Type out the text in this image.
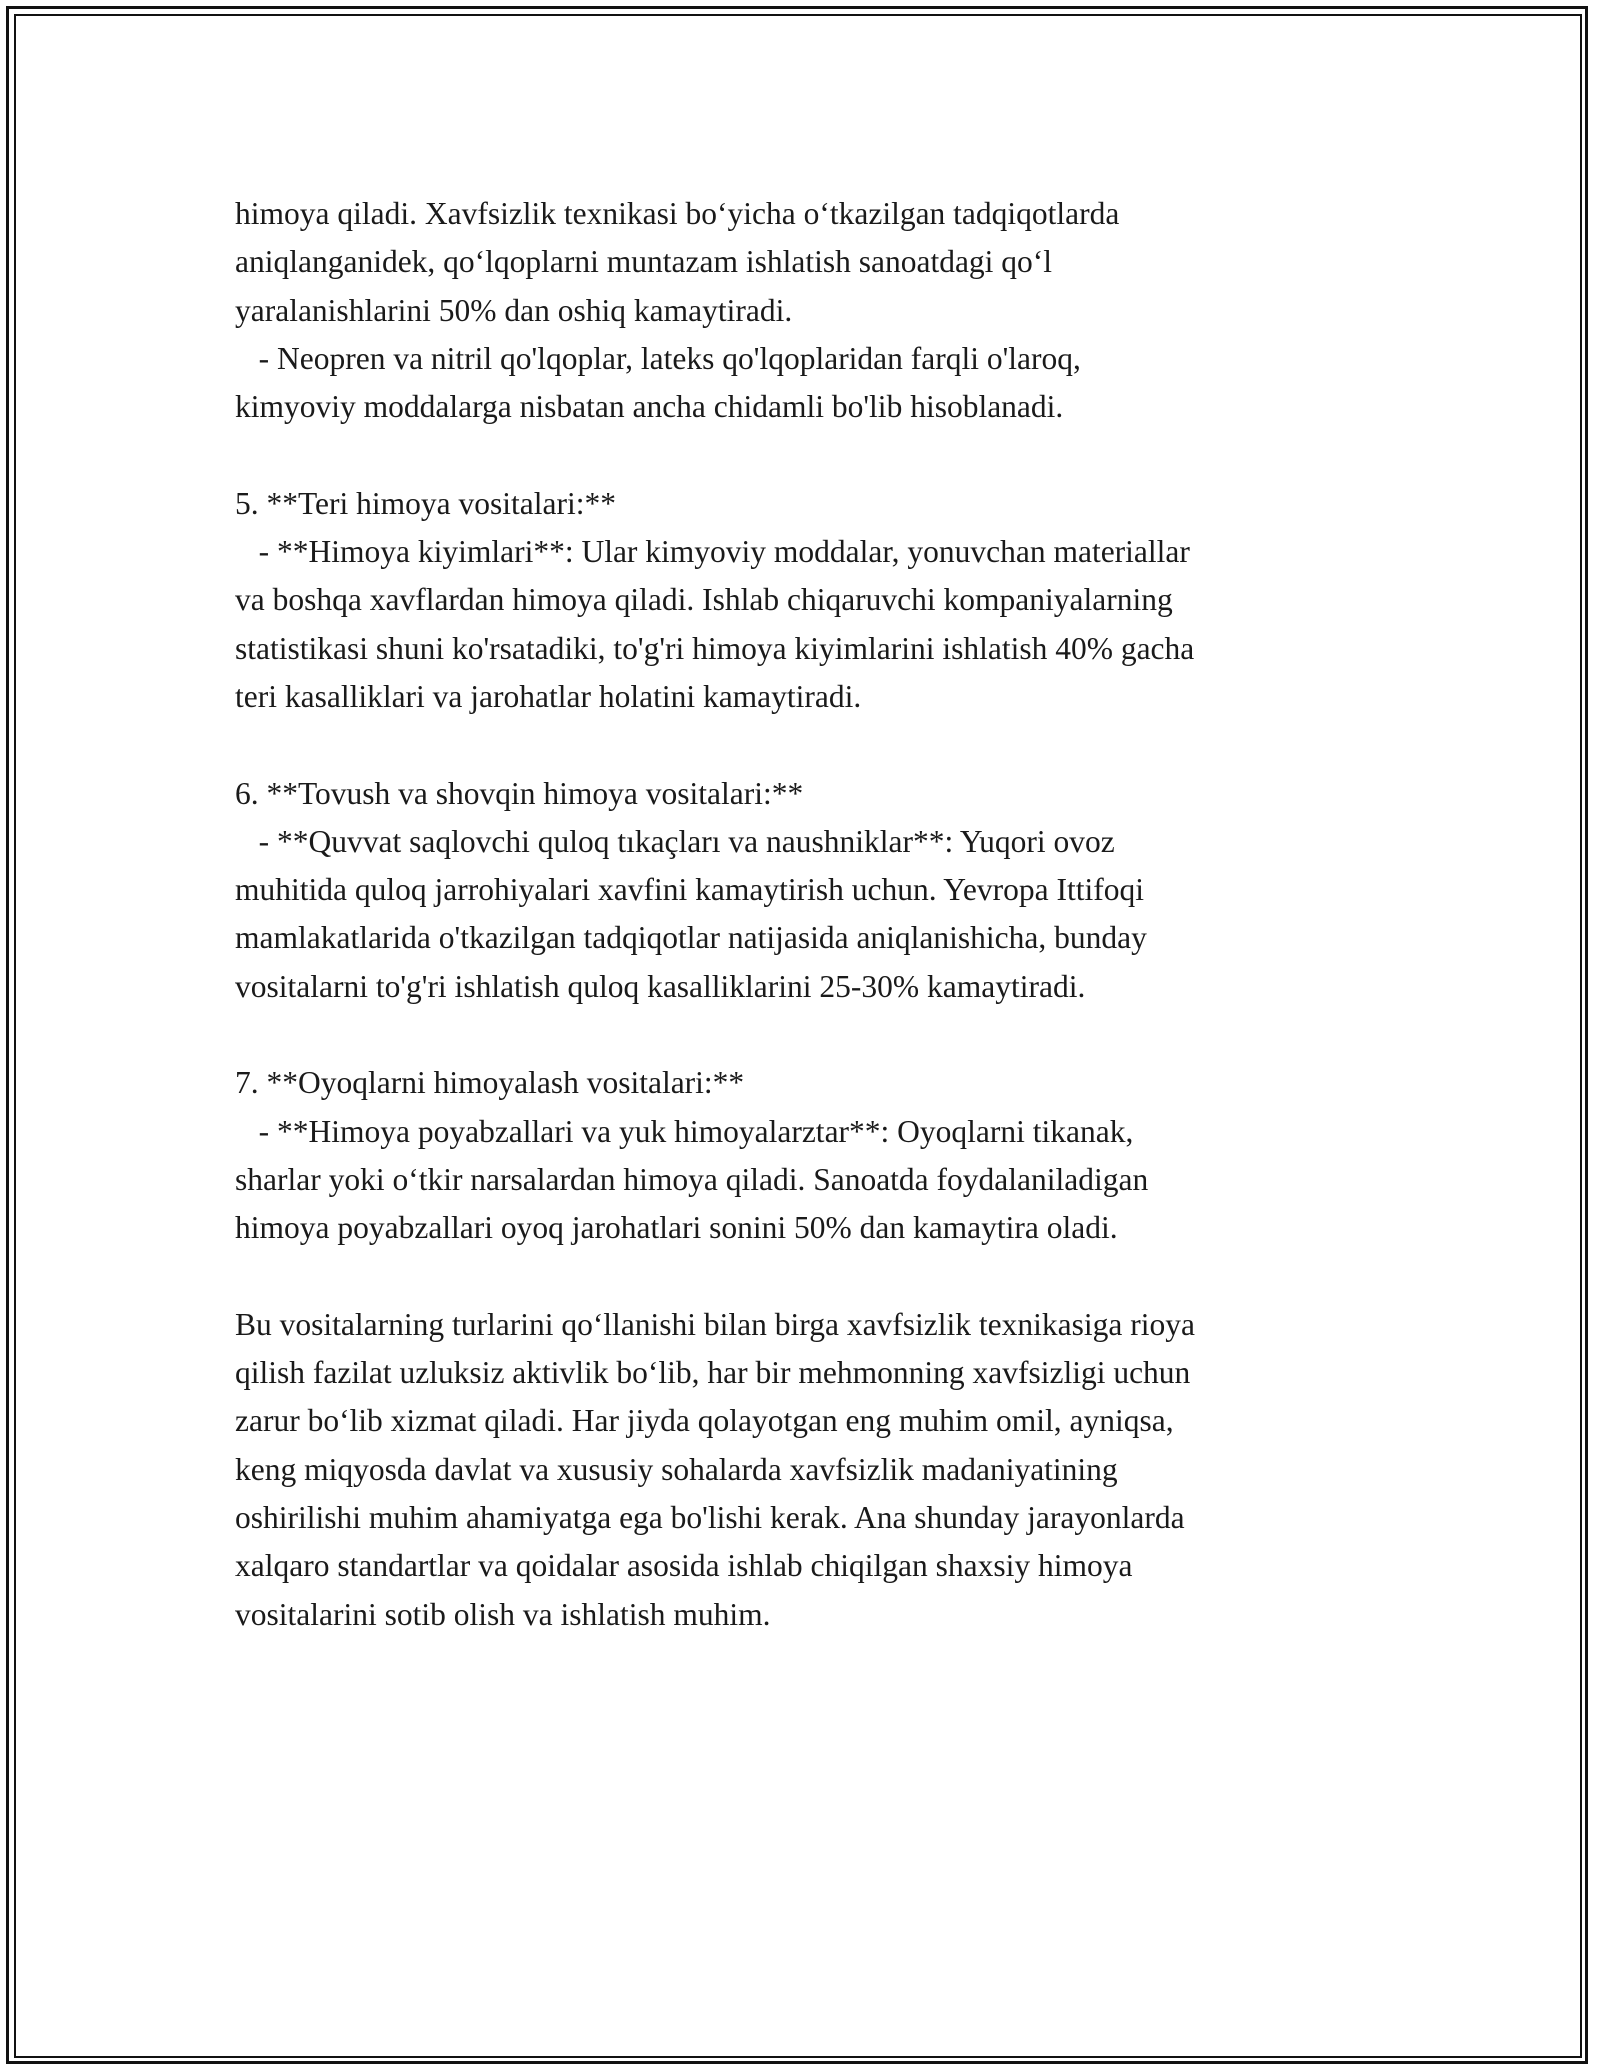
himoya qiladi. Xavfsizlik texnikasi bo‘yicha o‘tkazilgan tadqiqotlarda

aniqlanganidek, qo‘lqoplarni muntazam ishlatish sanoatdagi qo‘l

yaralanishlarini 50% dan oshiq kamaytiradi.

- Neopren va nitril qo'lqoplar, lateks qo'lqoplaridan farqli o'laroq,

kimyoviy moddalarga nisbatan ancha chidamli bo'lib hisoblanadi.

5. **Teri himoya vositalari:**

- **Himoya kiyimlari**: Ular kimyoviy moddalar, yonuvchan materiallar

va boshqa xavflardan himoya qiladi. Ishlab chiqaruvchi kompaniyalarning

statistikasi shuni ko'rsatadiki, to'g'ri himoya kiyimlarini ishlatish 40% gacha

teri kasalliklari va jarohatlar holatini kamaytiradi.

6. **Tovush va shovqin himoya vositalari:**

- **Quvvat saqlovchi quloq tıkaçları va naushniklar**: Yuqori ovoz

muhitida quloq jarrohiyalari xavfini kamaytirish uchun. Yevropa Ittifoqi

mamlakatlarida o'tkazilgan tadqiqotlar natijasida aniqlanishicha, bunday

vositalarni to'g'ri ishlatish quloq kasalliklarini 25-30% kamaytiradi.

7. **Oyoqlarni himoyalash vositalari:**

- **Himoya poyabzallari va yuk himoyalarztar**: Oyoqlarni tikanak,

sharlar yoki o‘tkir narsalardan himoya qiladi. Sanoatda foydalaniladigan

himoya poyabzallari oyoq jarohatlari sonini 50% dan kamaytira oladi.

Bu vositalarning turlarini qo‘llanishi bilan birga xavfsizlik texnikasiga rioya

qilish fazilat uzluksiz aktivlik bo‘lib, har bir mehmonning xavfsizligi uchun

zarur bo‘lib xizmat qiladi. Har jiyda qolayotgan eng muhim omil, ayniqsa,

keng miqyosda davlat va xususiy sohalarda xavfsizlik madaniyatining

oshirilishi muhim ahamiyatga ega bo'lishi kerak. Ana shunday jarayonlarda

xalqaro standartlar va qoidalar asosida ishlab chiqilgan shaxsiy himoya

vositalarini sotib olish va ishlatish muhim.
